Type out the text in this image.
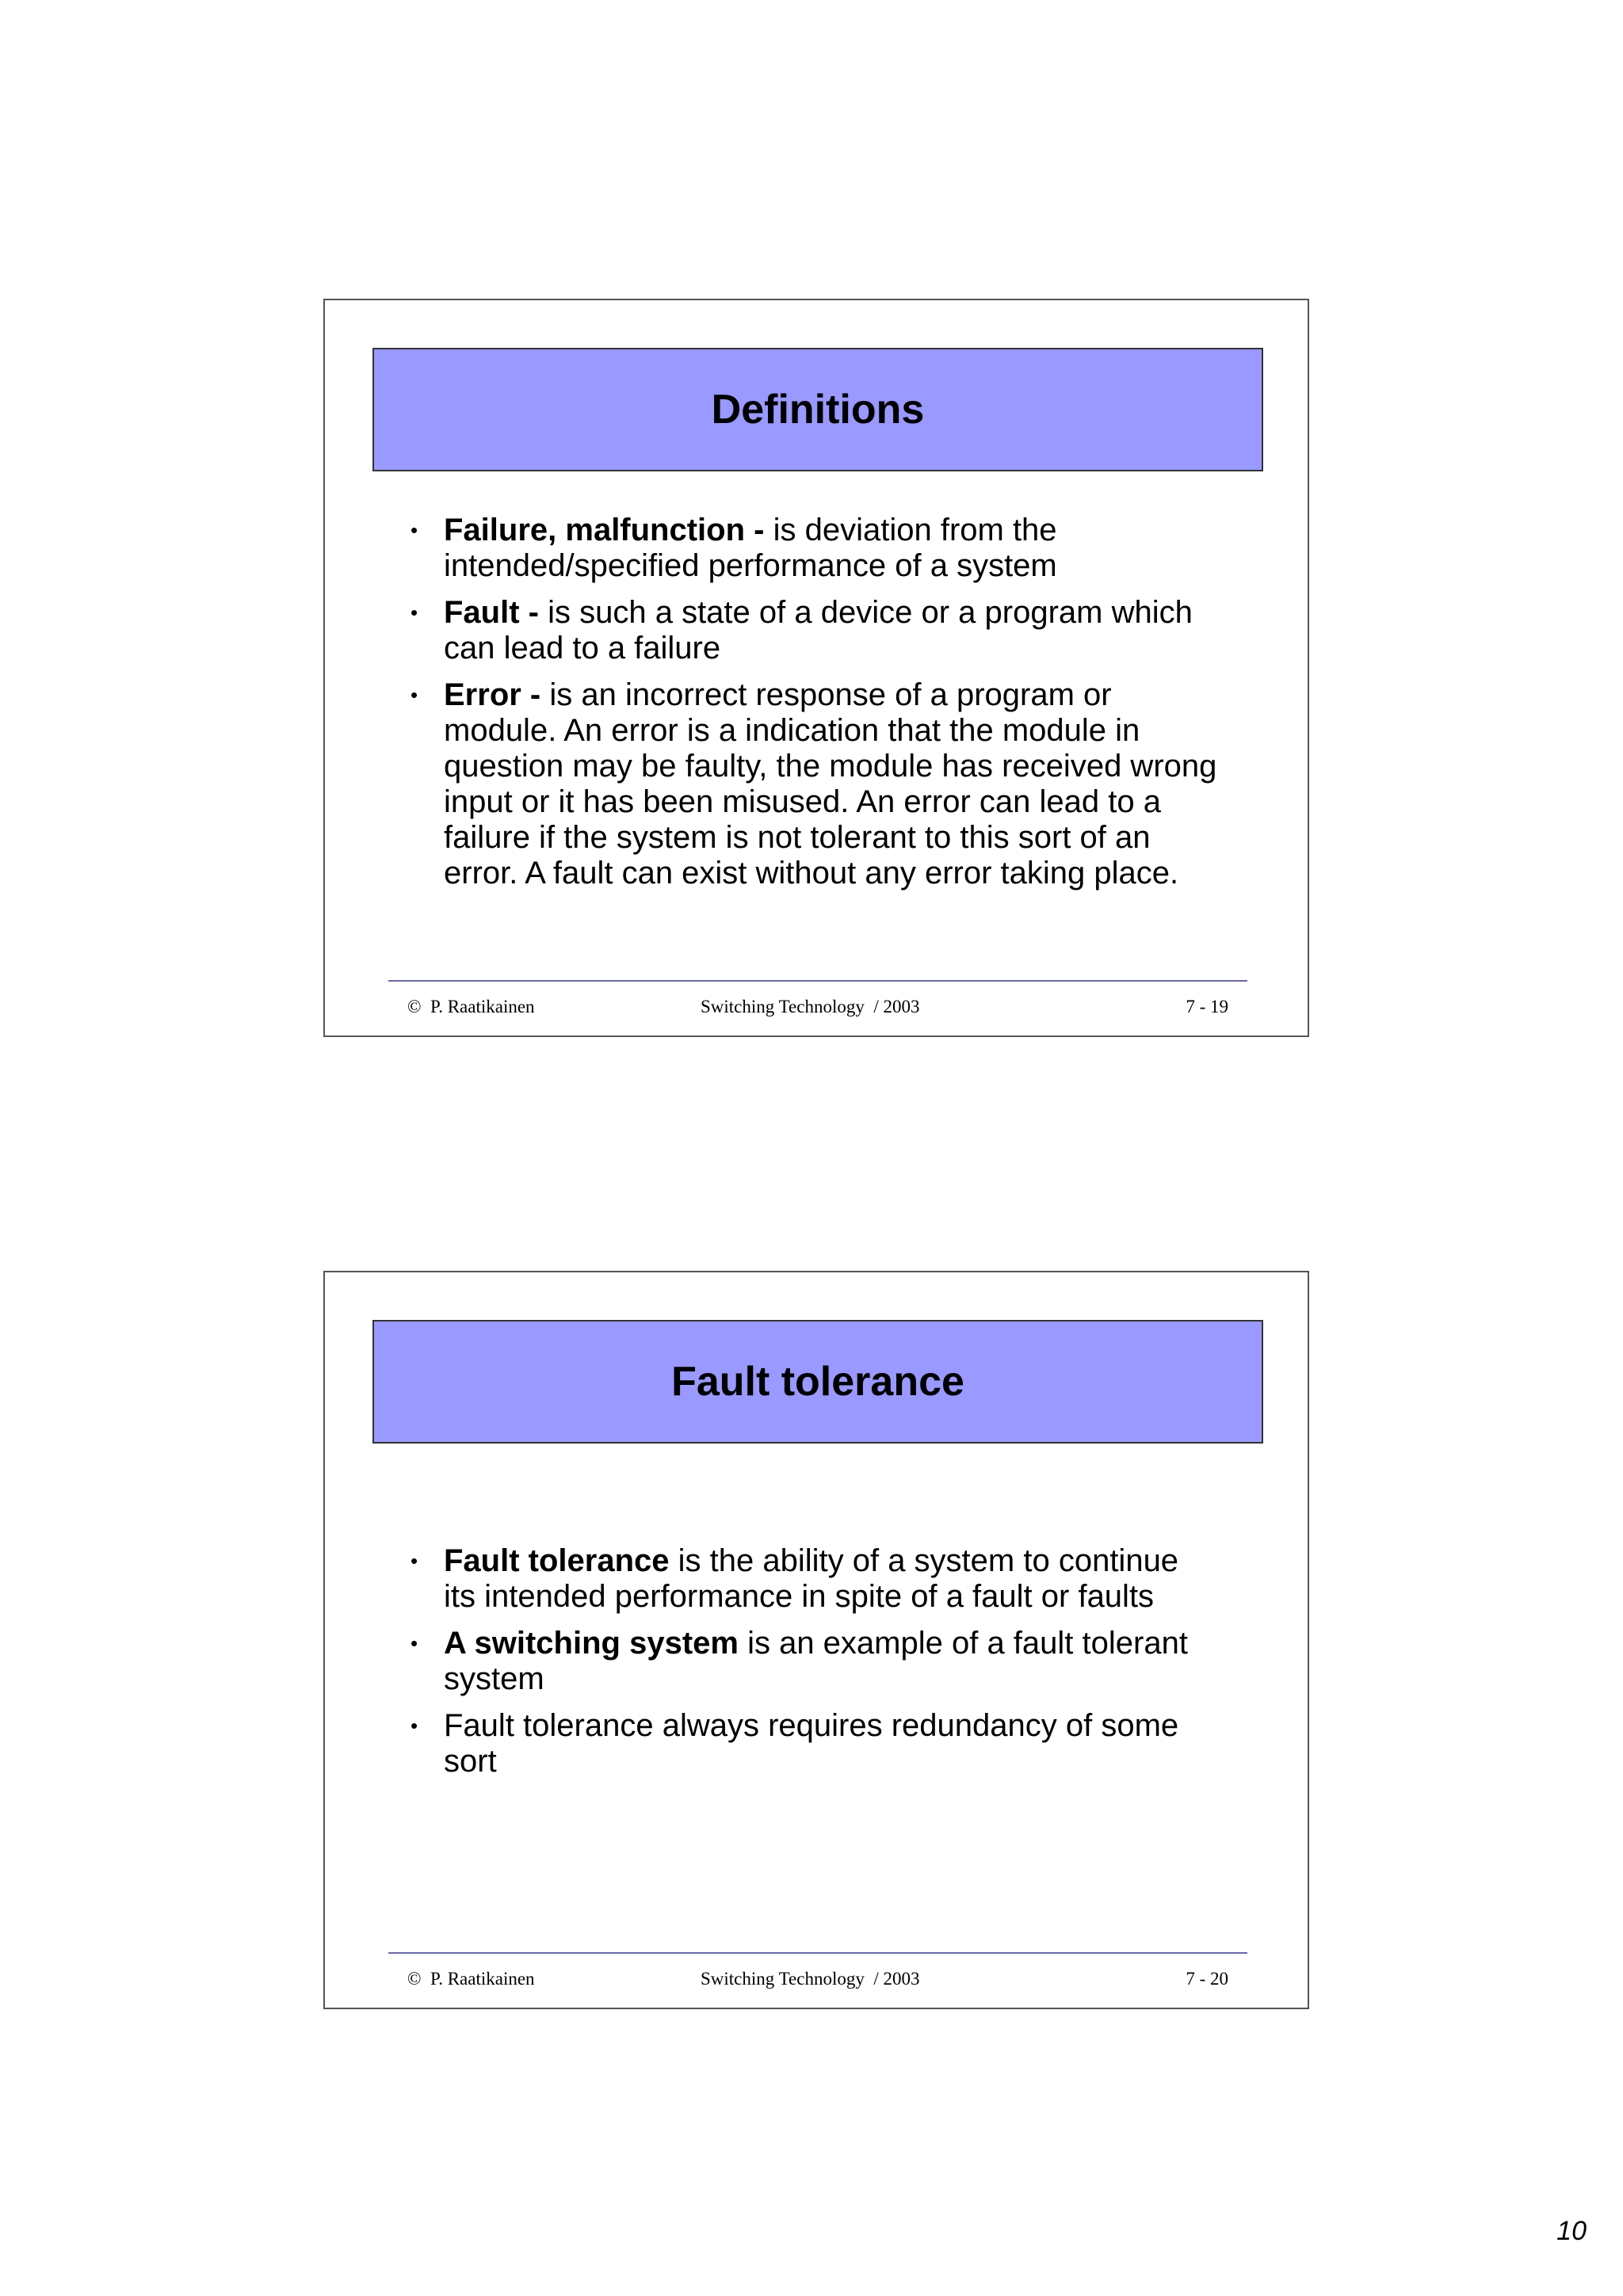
Definitions
• Failure, malfunction - is deviation from the intended/specified performance of a system
• Fault - is such a state of a device or a program which can lead to a failure
• Error - is an incorrect response of a program or module. An error is a indication that the module in question may be faulty, the module has received wrong input or it has been misused. An error can lead to a failure if the system is not tolerant to this sort of an error. A fault can exist without any error taking place.
©  P. Raatikainen	Switching Technology  / 2003	7 - 19
Fault tolerance
• Fault tolerance is the ability of a system to continue its intended performance in spite of a fault or faults
• A switching system is an example of a fault tolerant system
• Fault tolerance always requires redundancy of some sort
©  P. Raatikainen	Switching Technology  / 2003	7 - 20
10
